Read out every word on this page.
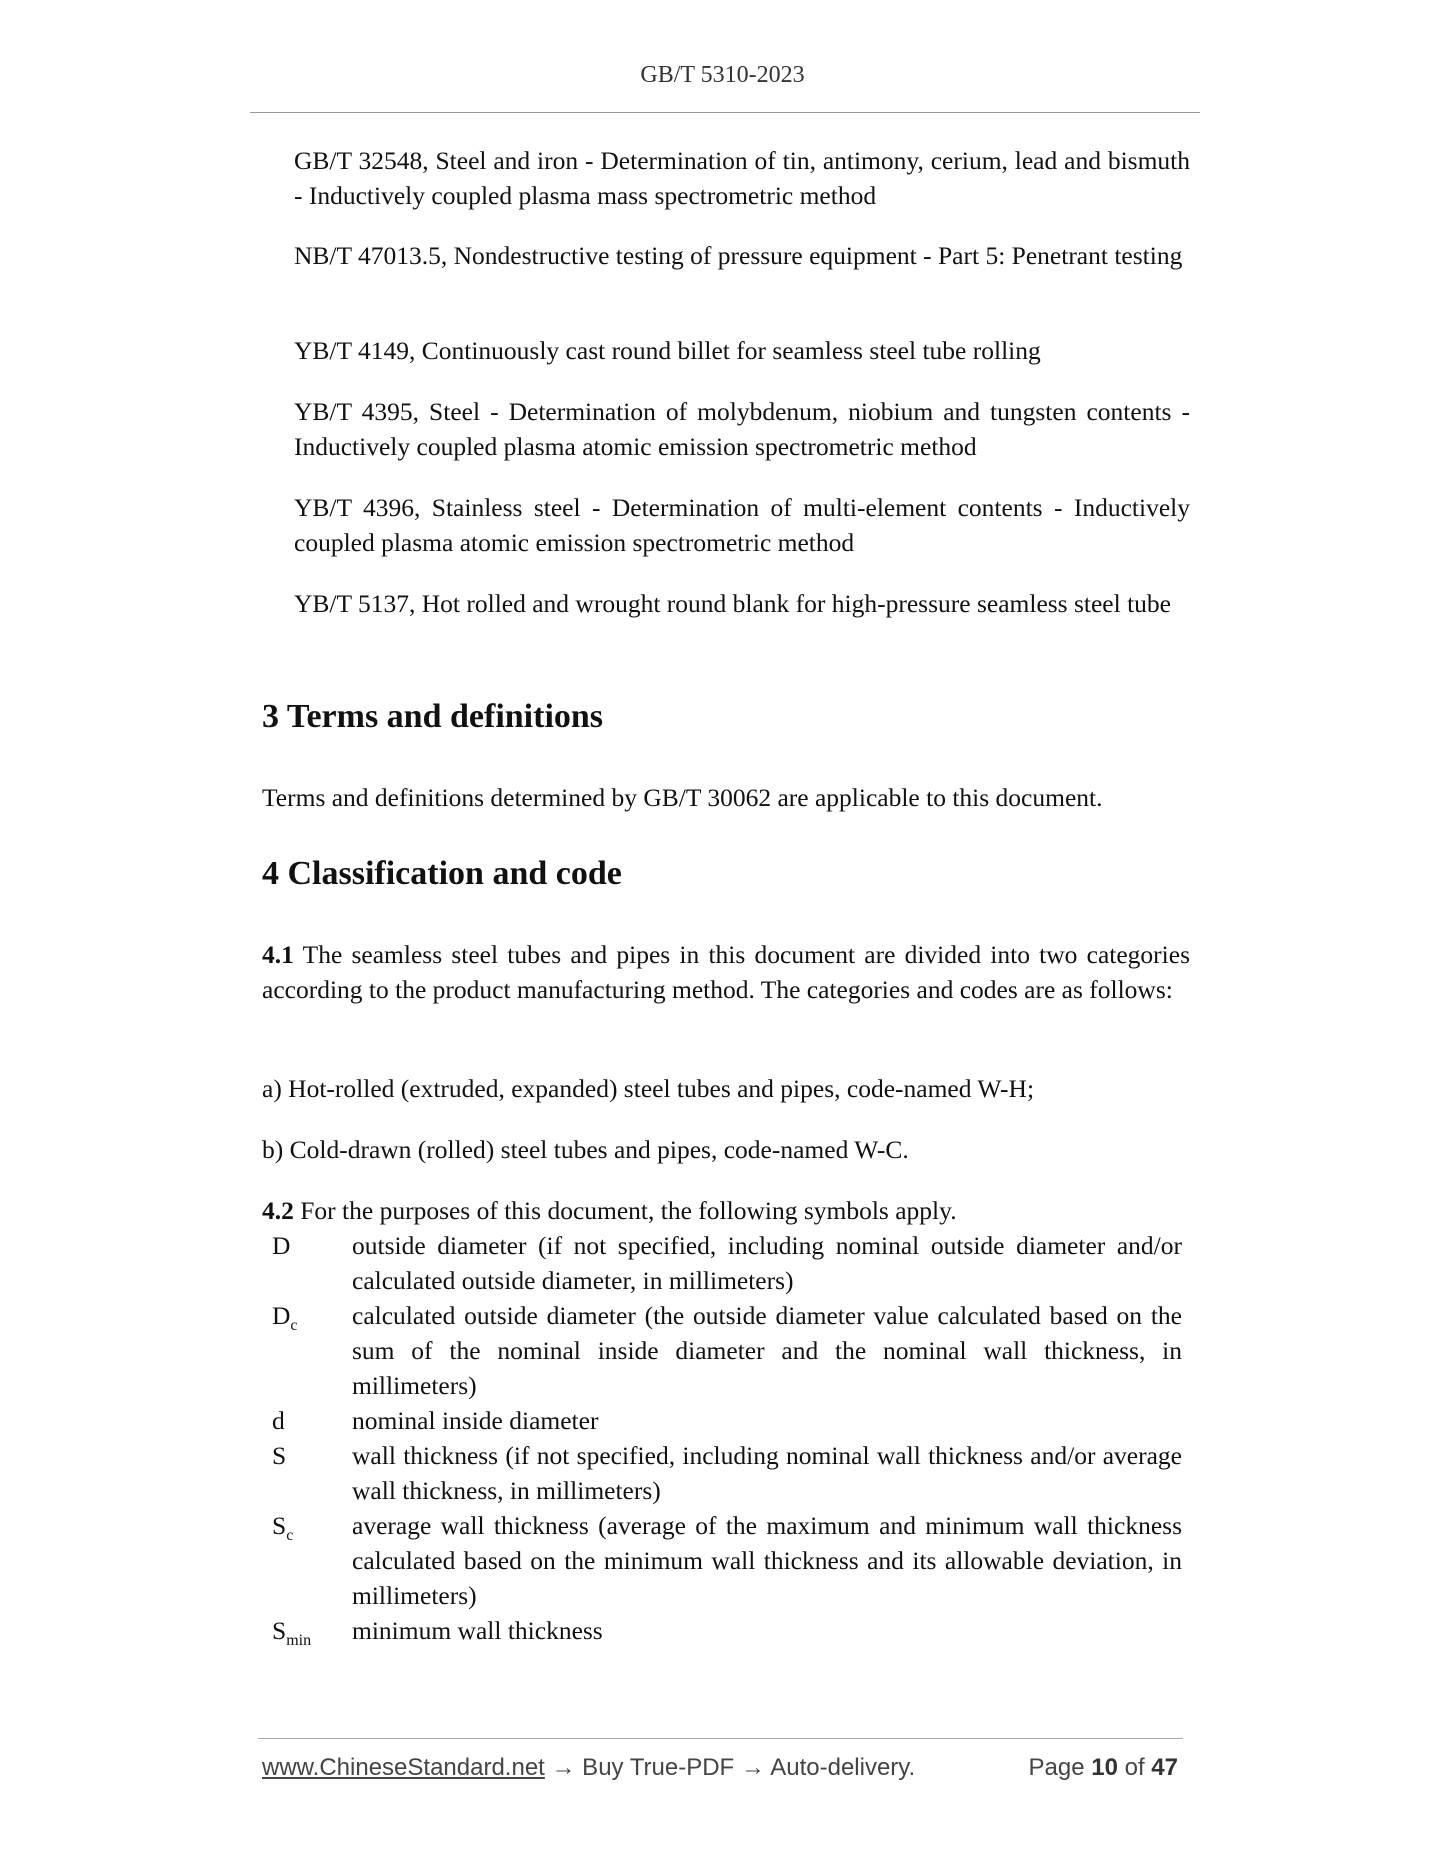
GB/T 5310-2023
GB/T 32548, Steel and iron - Determination of tin, antimony, cerium, lead and bismuth - Inductively coupled plasma mass spectrometric method
NB/T 47013.5, Nondestructive testing of pressure equipment - Part 5: Penetrant testing
YB/T 4149, Continuously cast round billet for seamless steel tube rolling
YB/T 4395, Steel - Determination of molybdenum, niobium and tungsten contents - Inductively coupled plasma atomic emission spectrometric method
YB/T 4396, Stainless steel - Determination of multi-element contents - Inductively coupled plasma atomic emission spectrometric method
YB/T 5137, Hot rolled and wrought round blank for high-pressure seamless steel tube
3 Terms and definitions
Terms and definitions determined by GB/T 30062 are applicable to this document.
4 Classification and code
4.1 The seamless steel tubes and pipes in this document are divided into two categories according to the product manufacturing method. The categories and codes are as follows:
a) Hot-rolled (extruded, expanded) steel tubes and pipes, code-named W-H;
b) Cold-drawn (rolled) steel tubes and pipes, code-named W-C.
4.2 For the purposes of this document, the following symbols apply.
D	outside diameter (if not specified, including nominal outside diameter and/or calculated outside diameter, in millimeters)
$D_c$	calculated outside diameter (the outside diameter value calculated based on the sum of the nominal inside diameter and the nominal wall thickness, in millimeters)
d	nominal inside diameter
S	wall thickness (if not specified, including nominal wall thickness and/or average wall thickness, in millimeters)
$S_c$	average wall thickness (average of the maximum and minimum wall thickness calculated based on the minimum wall thickness and its allowable deviation, in millimeters)
$S_{min}$	minimum wall thickness
www.ChineseStandard.net → Buy True-PDF → Auto-delivery.	Page 10 of 47
